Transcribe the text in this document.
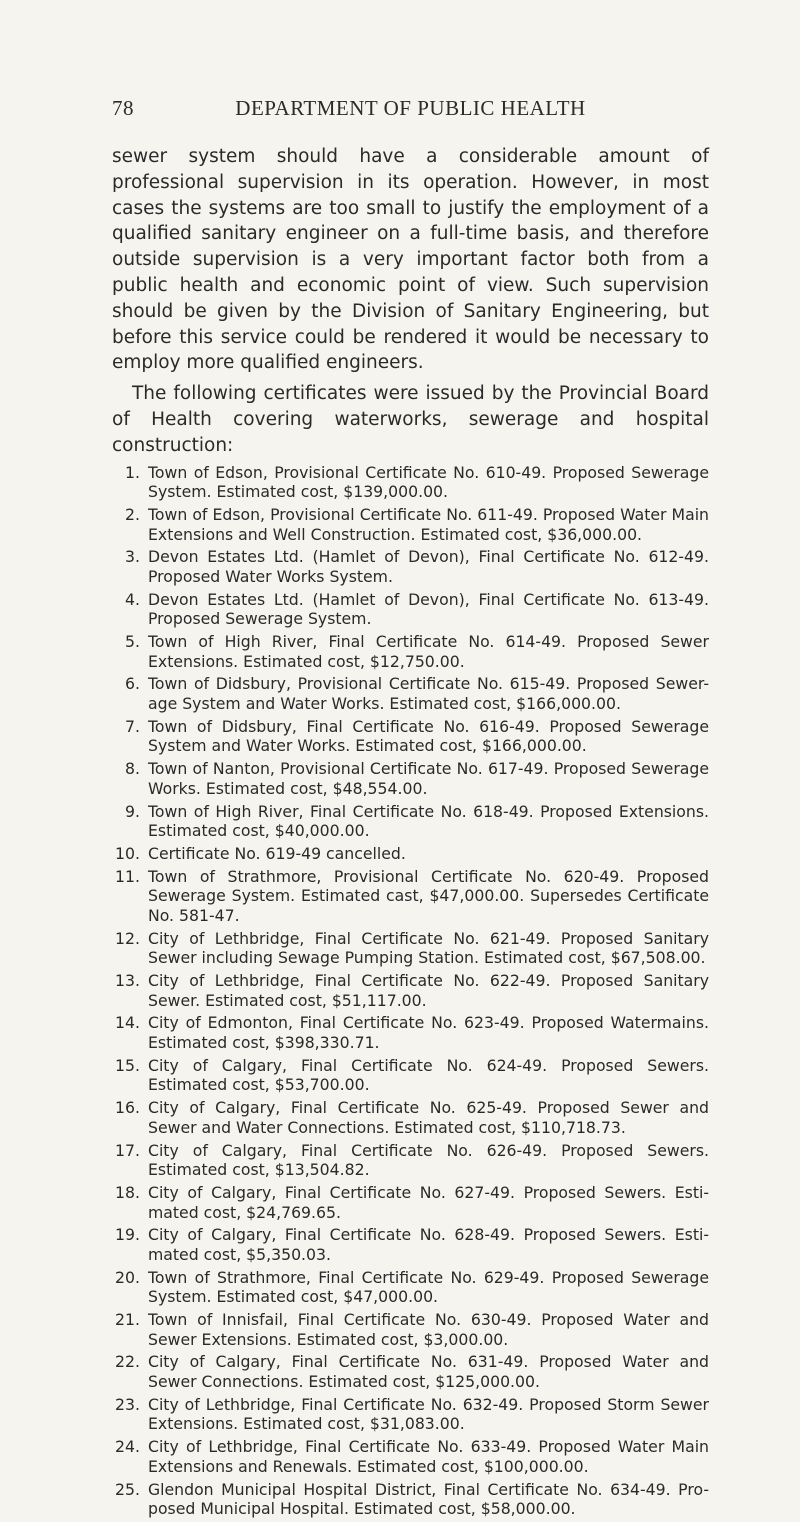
78	DEPARTMENT OF PUBLIC HEALTH

sewer system should have a considerable amount of professional supervision in its operation. However, in most cases the systems are too small to justify the employment of a qualified sanitary engineer on a full-time basis, and therefore outside supervision is a very important factor both from a public health and economic point of view. Such supervision should be given by the Division of Sanitary Engineering, but before this service could be rendered it would be necessary to employ more qualified engineers.

The following certificates were issued by the Provincial Board of Health covering waterworks, sewerage and hospital construction:

1. Town of Edson, Provisional Certificate No. 610-49. Proposed Sewerage System. Estimated cost, $139,000.00.
2. Town of Edson, Provisional Certificate No. 611-49. Proposed Water Main Extensions and Well Construction. Estimated cost, $36,000.00.
3. Devon Estates Ltd. (Hamlet of Devon), Final Certificate No. 612-49. Proposed Water Works System.
4. Devon Estates Ltd. (Hamlet of Devon), Final Certificate No. 613-49. Proposed Sewerage System.
5. Town of High River, Final Certificate No. 614-49. Proposed Sewer Extensions. Estimated cost, $12,750.00.
6. Town of Didsbury, Provisional Certificate No. 615-49. Proposed Sewer-age System and Water Works. Estimated cost, $166,000.00.
7. Town of Didsbury, Final Certificate No. 616-49. Proposed Sewerage System and Water Works. Estimated cost, $166,000.00.
8. Town of Nanton, Provisional Certificate No. 617-49. Proposed Sewerage Works. Estimated cost, $48,554.00.
9. Town of High River, Final Certificate No. 618-49. Proposed Extensions. Estimated cost, $40,000.00.
10. Certificate No. 619-49 cancelled.
11. Town of Strathmore, Provisional Certificate No. 620-49. Proposed Sewerage System. Estimated cast, $47,000.00. Supersedes Certificate No. 581-47.
12. City of Lethbridge, Final Certificate No. 621-49. Proposed Sanitary Sewer including Sewage Pumping Station. Estimated cost, $67,508.00.
13. City of Lethbridge, Final Certificate No. 622-49. Proposed Sanitary Sewer. Estimated cost, $51,117.00.
14. City of Edmonton, Final Certificate No. 623-49. Proposed Watermains. Estimated cost, $398,330.71.
15. City of Calgary, Final Certificate No. 624-49. Proposed Sewers. Estimated cost, $53,700.00.
16. City of Calgary, Final Certificate No. 625-49. Proposed Sewer and Sewer and Water Connections. Estimated cost, $110,718.73.
17. City of Calgary, Final Certificate No. 626-49. Proposed Sewers. Estimated cost, $13,504.82.
18. City of Calgary, Final Certificate No. 627-49. Proposed Sewers. Esti-mated cost, $24,769.65.
19. City of Calgary, Final Certificate No. 628-49. Proposed Sewers. Esti-mated cost, $5,350.03.
20. Town of Strathmore, Final Certificate No. 629-49. Proposed Sewerage System. Estimated cost, $47,000.00.
21. Town of Innisfail, Final Certificate No. 630-49. Proposed Water and Sewer Extensions. Estimated cost, $3,000.00.
22. City of Calgary, Final Certificate No. 631-49. Proposed Water and Sewer Connections. Estimated cost, $125,000.00.
23. City of Lethbridge, Final Certificate No. 632-49. Proposed Storm Sewer Extensions. Estimated cost, $31,083.00.
24. City of Lethbridge, Final Certificate No. 633-49. Proposed Water Main Extensions and Renewals. Estimated cost, $100,000.00.
25. Glendon Municipal Hospital District, Final Certificate No. 634-49. Pro-posed Municipal Hospital. Estimated cost, $58,000.00.
